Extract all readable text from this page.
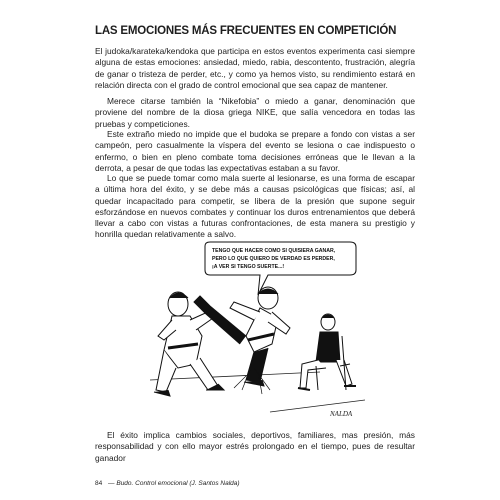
LAS EMOCIONES MÁS FRECUENTES EN COMPETICIÓN

El judoka/karateka/kendoka que participa en estos eventos experimenta casi siempre alguna de estas emociones: ansiedad, miedo, rabia, descontento, frustración, alegría de ganar o tristeza de perder, etc., y como ya hemos visto, su rendimiento estará en relación directa con el grado de control emocional que sea capaz de mantener.

Merece citarse también la “Nikefobia” o miedo a ganar, denominación que proviene del nombre de la diosa griega NIKE, que salía vencedora en todas las pruebas y competiciones.

Este extraño miedo no impide que el budoka se prepare a fondo con vistas a ser campeón, pero casualmente la víspera del evento se lesiona o cae indispuesto o enfermo, o bien en pleno combate toma decisiones erróneas que le llevan a la derrota, a pesar de que todas las expectativas estaban a su favor.

Lo que se puede tomar como mala suerte al lesionarse, es una forma de escapar a última hora del éxito, y se debe más a causas psicológicas que físicas; así, al quedar incapacitado para competir, se libera de la presión que supone seguir esforzándose en nuevos combates y continuar los duros entrenamientos que deberá llevar a cabo con vistas a futuras confrontaciones, de esta manera su prestigio y honrilla quedan relativamente a salvo.

TENGO QUE HACER COMO SI QUISIERA GANAR,
PERO LO QUE QUIERO DE VERDAD ES PERDER,
¡A VER SI TENGO SUERTE...!
NALDA

El éxito implica cambios sociales, deportivos, familiares, mas presión, más responsabilidad y con ello mayor estrés prolongado en el tiempo, pues de resultar ganador

84 — Budo. Control emocional (J. Santos Nalda)
